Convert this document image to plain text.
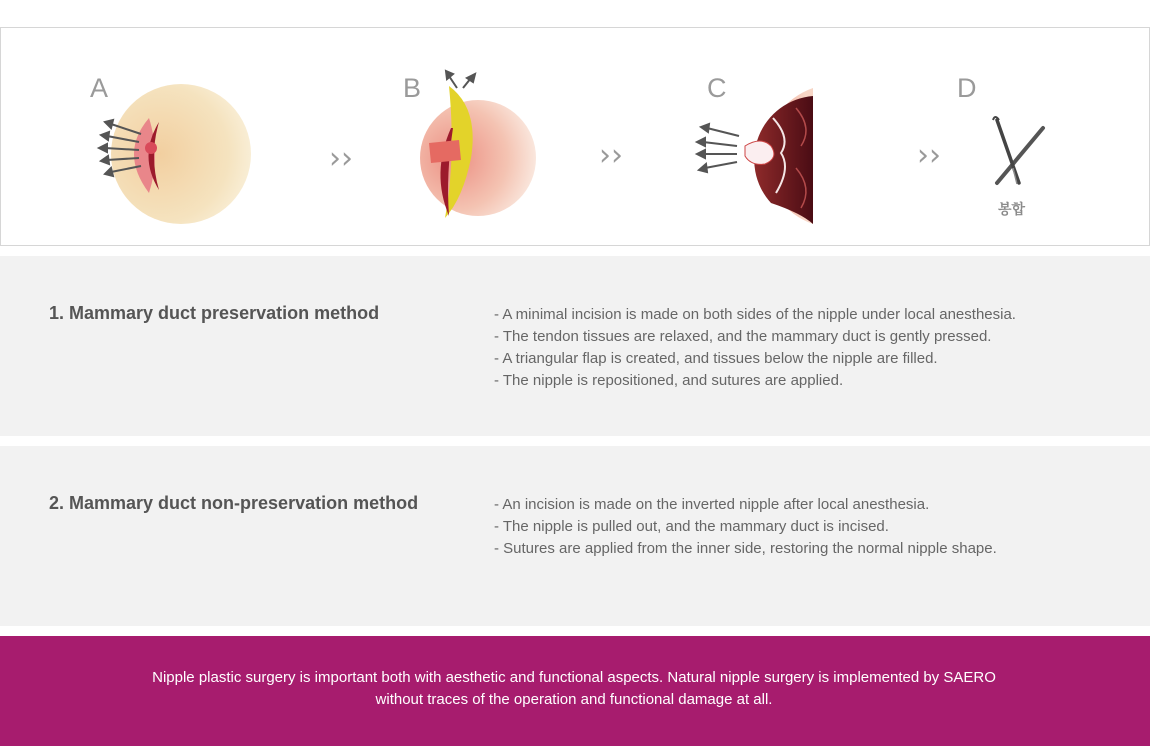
A
››
B
››
C
››
D
봉합
1. Mammary duct preservation method	- A minimal incision is made on both sides of the nipple under local anesthesia.
- The tendon tissues are relaxed, and the mammary duct is gently pressed.
- A triangular flap is created, and tissues below the nipple are filled.
- The nipple is repositioned, and sutures are applied.
2. Mammary duct non-preservation method	- An incision is made on the inverted nipple after local anesthesia.
- The nipple is pulled out, and the mammary duct is incised.
- Sutures are applied from the inner side, restoring the normal nipple shape.

Nipple plastic surgery is important both with aesthetic and functional aspects. Natural nipple surgery is implemented by SAERO without traces of the operation and functional damage at all.
